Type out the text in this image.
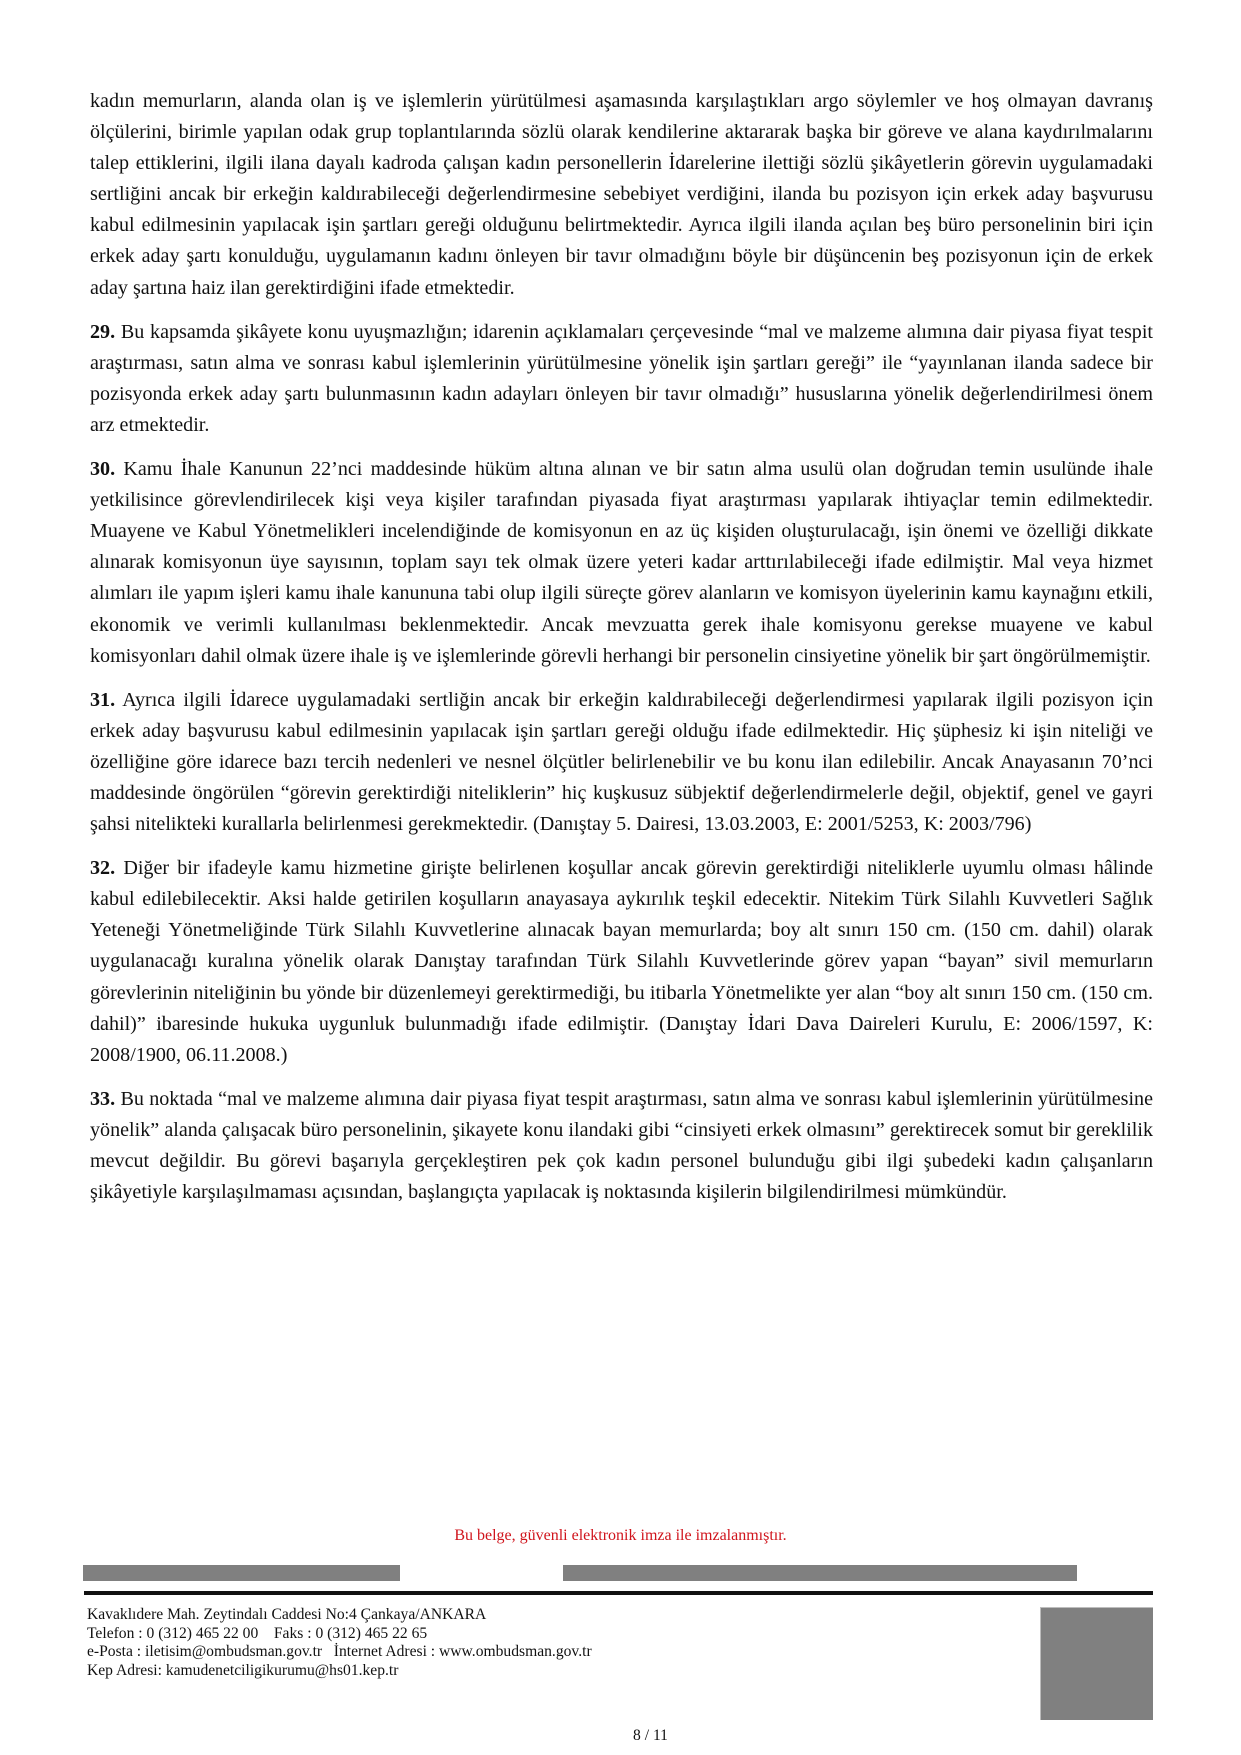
kadın memurların, alanda olan iş ve işlemlerin yürütülmesi aşamasında karşılaştıkları argo söylemler ve hoş olmayan davranış ölçülerini, birimle yapılan odak grup toplantılarında sözlü olarak kendilerine aktararak başka bir göreve ve alana kaydırılmalarını talep ettiklerini, ilgili ilana dayalı kadroda çalışan kadın personellerin İdarelerine ilettiği sözlü şikâyetlerin görevin uygulamadaki sertliğini ancak bir erkeğin kaldırabileceği değerlendirmesine sebebiyet verdiğini, ilanda bu pozisyon için erkek aday başvurusu kabul edilmesinin yapılacak işin şartları gereği olduğunu belirtmektedir. Ayrıca ilgili ilanda açılan beş büro personelinin biri için erkek aday şartı konulduğu, uygulamanın kadını önleyen bir tavır olmadığını böyle bir düşüncenin beş pozisyonun için de erkek aday şartına haiz ilan gerektirdiğini ifade etmektedir.

29. Bu kapsamda şikâyete konu uyuşmazlığın; idarenin açıklamaları çerçevesinde “mal ve malzeme alımına dair piyasa fiyat tespit araştırması, satın alma ve sonrası kabul işlemlerinin yürütülmesine yönelik işin şartları gereği” ile “yayınlanan ilanda sadece bir pozisyonda erkek aday şartı bulunmasının kadın adayları önleyen bir tavır olmadığı” hususlarına yönelik değerlendirilmesi önem arz etmektedir.

30. Kamu İhale Kanunun 22’nci maddesinde hüküm altına alınan ve bir satın alma usulü olan doğrudan temin usulünde ihale yetkilisince görevlendirilecek kişi veya kişiler tarafından piyasada fiyat araştırması yapılarak ihtiyaçlar temin edilmektedir. Muayene ve Kabul Yönetmelikleri incelendiğinde de komisyonun en az üç kişiden oluşturulacağı, işin önemi ve özelliği dikkate alınarak komisyonun üye sayısının, toplam sayı tek olmak üzere yeteri kadar arttırılabileceği ifade edilmiştir. Mal veya hizmet alımları ile yapım işleri kamu ihale kanununa tabi olup ilgili süreçte görev alanların ve komisyon üyelerinin kamu kaynağını etkili, ekonomik ve verimli kullanılması beklenmektedir. Ancak mevzuatta gerek ihale komisyonu gerekse muayene ve kabul komisyonları dahil olmak üzere ihale iş ve işlemlerinde görevli herhangi bir personelin cinsiyetine yönelik bir şart öngörülmemiştir.

31. Ayrıca ilgili İdarece uygulamadaki sertliğin ancak bir erkeğin kaldırabileceği değerlendirmesi yapılarak ilgili pozisyon için erkek aday başvurusu kabul edilmesinin yapılacak işin şartları gereği olduğu ifade edilmektedir. Hiç şüphesiz ki işin niteliği ve özelliğine göre idarece bazı tercih nedenleri ve nesnel ölçütler belirlenebilir ve bu konu ilan edilebilir. Ancak Anayasanın 70’nci maddesinde öngörülen “görevin gerektirdiği niteliklerin” hiç kuşkusuz sübjektif değerlendirmelerle değil, objektif, genel ve gayri şahsi nitelikteki kurallarla belirlenmesi gerekmektedir. (Danıştay 5. Dairesi, 13.03.2003, E: 2001/5253, K: 2003/796)

32. Diğer bir ifadeyle kamu hizmetine girişte belirlenen koşullar ancak görevin gerektirdiği niteliklerle uyumlu olması hâlinde kabul edilebilecektir. Aksi halde getirilen koşulların anayasaya aykırılık teşkil edecektir. Nitekim Türk Silahlı Kuvvetleri Sağlık Yeteneği Yönetmeliğinde Türk Silahlı Kuvvetlerine alınacak bayan memurlarda; boy alt sınırı 150 cm. (150 cm. dahil) olarak uygulanacağı kuralına yönelik olarak Danıştay tarafından Türk Silahlı Kuvvetlerinde görev yapan “bayan” sivil memurların görevlerinin niteliğinin bu yönde bir düzenlemeyi gerektirmediği, bu itibarla Yönetmelikte yer alan “boy alt sınırı 150 cm. (150 cm. dahil)” ibaresinde hukuka uygunluk bulunmadığı ifade edilmiştir. (Danıştay İdari Dava Daireleri Kurulu, E: 2006/1597, K: 2008/1900, 06.11.2008.)

33. Bu noktada “mal ve malzeme alımına dair piyasa fiyat tespit araştırması, satın alma ve sonrası kabul işlemlerinin yürütülmesine yönelik” alanda çalışacak büro personelinin, şikayete konu ilandaki gibi “cinsiyeti erkek olmasını” gerektirecek somut bir gereklilik mevcut değildir. Bu görevi başarıyla gerçekleştiren pek çok kadın personel bulunduğu gibi ilgi şubedeki kadın çalışanların şikâyetiyle karşılaşılmaması açısından, başlangıçta yapılacak iş noktasında kişilerin bilgilendirilmesi mümkündür.

Bu belge, güvenli elektronik imza ile imzalanmıştır.
Kavaklıdere Mah. Zeytindalı Caddesi No:4 Çankaya/ANKARA
Telefon : 0 (312) 465 22 00    Faks : 0 (312) 465 22 65
e-Posta : iletisim@ombudsman.gov.tr   İnternet Adresi : www.ombudsman.gov.tr
Kep Adresi: kamudenetciligikurumu@hs01.kep.tr
8 / 11
